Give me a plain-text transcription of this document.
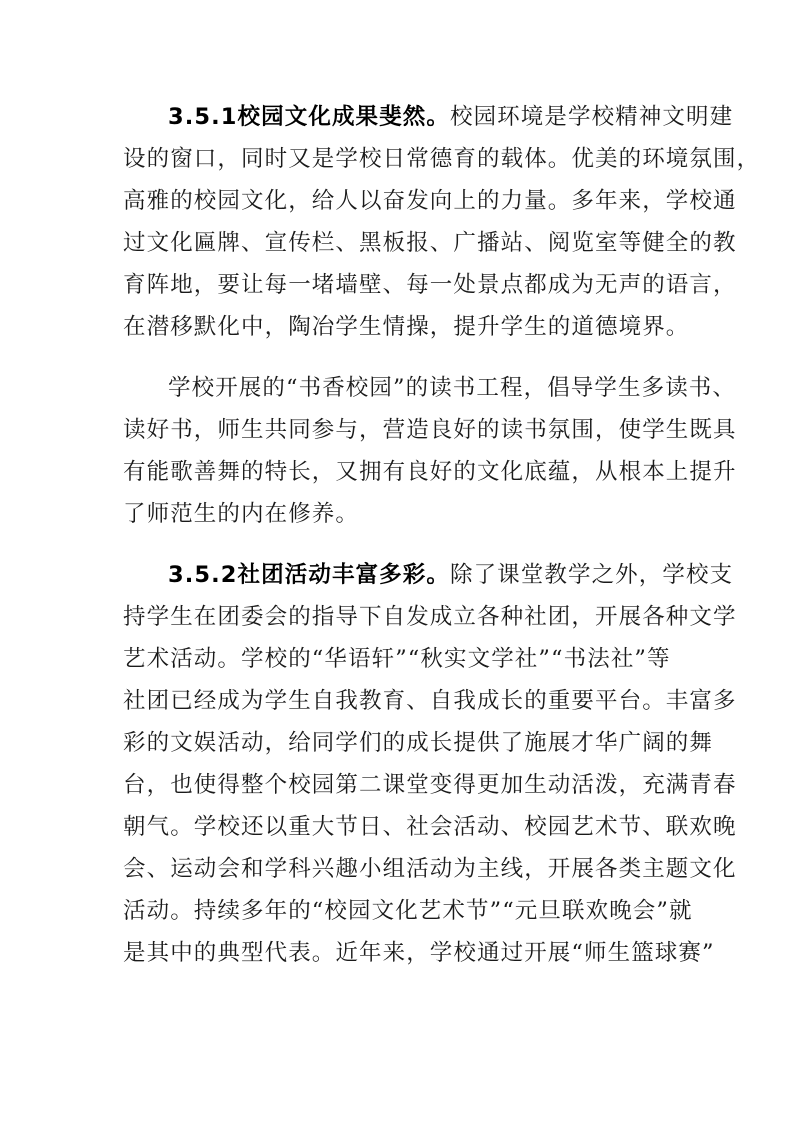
3.5.1校园文化成果斐然。校园环境是学校精神文明建
设的窗口，同时又是学校日常德育的载体。优美的环境氛围，
高雅的校园文化，给人以奋发向上的力量。多年来，学校通
过文化匾牌、宣传栏、黑板报、广播站、阅览室等健全的教
育阵地，要让每一堵墙壁、每一处景点都成为无声的语言，
在潜移默化中，陶冶学生情操，提升学生的道德境界。
学校开展的“书香校园”的读书工程，倡导学生多读书、
读好书，师生共同参与，营造良好的读书氛围，使学生既具
有能歌善舞的特长，又拥有良好的文化底蕴，从根本上提升
了师范生的内在修养。
3.5.2社团活动丰富多彩。除了课堂教学之外，学校支
持学生在团委会的指导下自发成立各种社团，开展各种文学
艺术活动。学校的“华语轩”“秋实文学社”“书法社”等
社团已经成为学生自我教育、自我成长的重要平台。丰富多
彩的文娱活动，给同学们的成长提供了施展才华广阔的舞
台，也使得整个校园第二课堂变得更加生动活泼，充满青春
朝气。学校还以重大节日、社会活动、校园艺术节、联欢晚
会、运动会和学科兴趣小组活动为主线，开展各类主题文化
活动。持续多年的“校园文化艺术节”“元旦联欢晚会”就
是其中的典型代表。近年来，学校通过开展“师生篮球赛”
